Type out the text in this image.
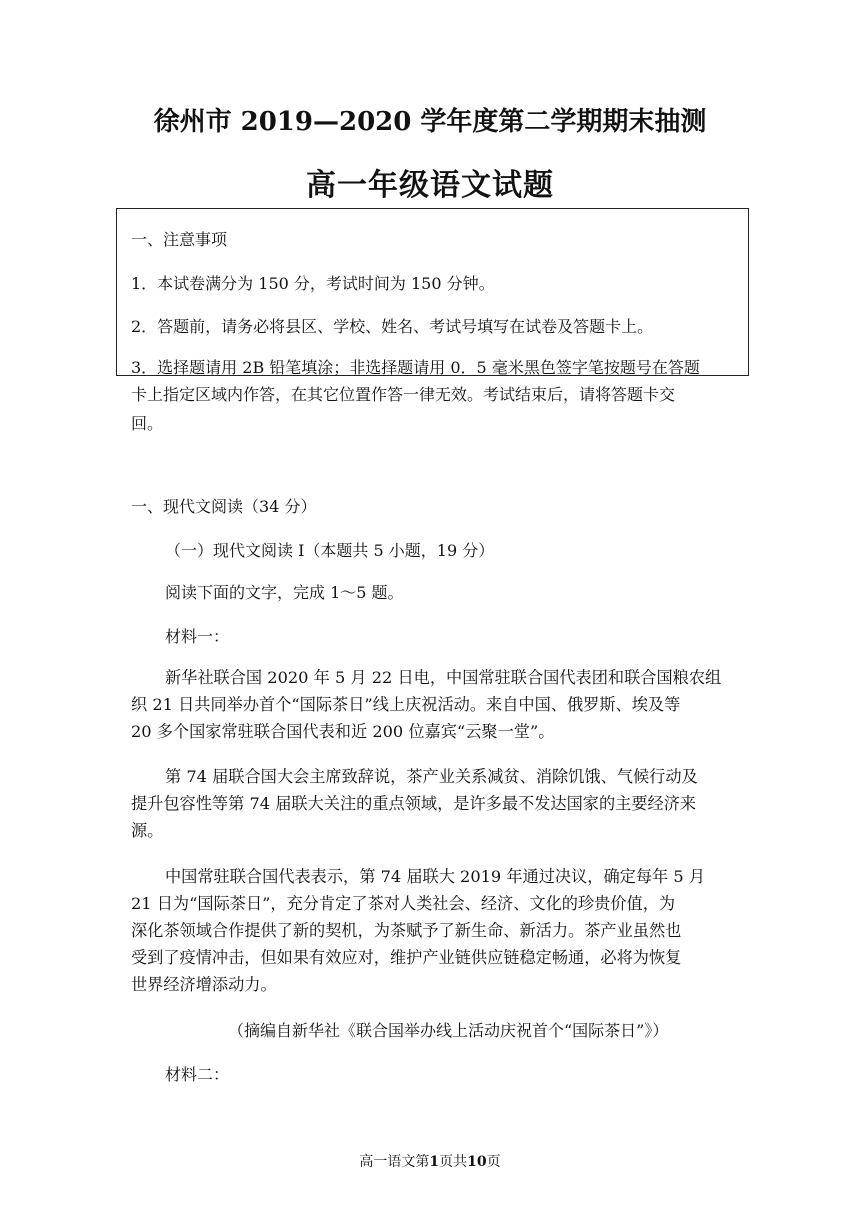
徐州市 2019—2020 学年度第二学期期末抽测
高一年级语文试题

一、注意事项

1．本试卷满分为 150 分，考试时间为 150 分钟。

2．答题前，请务必将县区、学校、姓名、考试号填写在试卷及答题卡上。

3．选择题请用 2B 铅笔填涂；非选择题请用 0．5 毫米黑色签字笔按题号在答题

卡上指定区域内作答，在其它位置作答一律无效。考试结束后，请将答题卡交

回。

一、现代文阅读（34 分）

（一）现代文阅读 I（本题共 5 小题，19 分）

阅读下面的文字，完成 1～5 题。

材料一：

新华社联合国 2020 年 5 月 22 日电，中国常驻联合国代表团和联合国粮农组

织 21 日共同举办首个“国际茶日”线上庆祝活动。来自中国、俄罗斯、埃及等

20 多个国家常驻联合国代表和近 200 位嘉宾“云聚一堂”。

第 74 届联合国大会主席致辞说，茶产业关系减贫、消除饥饿、气候行动及

提升包容性等第 74 届联大关注的重点领域，是许多最不发达国家的主要经济来

源。

中国常驻联合国代表表示，第 74 届联大 2019 年通过决议，确定每年 5 月

21 日为“国际茶日”，充分肯定了茶对人类社会、经济、文化的珍贵价值，为

深化茶领域合作提供了新的契机，为茶赋予了新生命、新活力。茶产业虽然也

受到了疫情冲击，但如果有效应对，维护产业链供应链稳定畅通，必将为恢复

世界经济增添动力。

（摘编自新华社《联合国举办线上活动庆祝首个“国际茶日”》）

材料二：

高一语文第1页共10页
